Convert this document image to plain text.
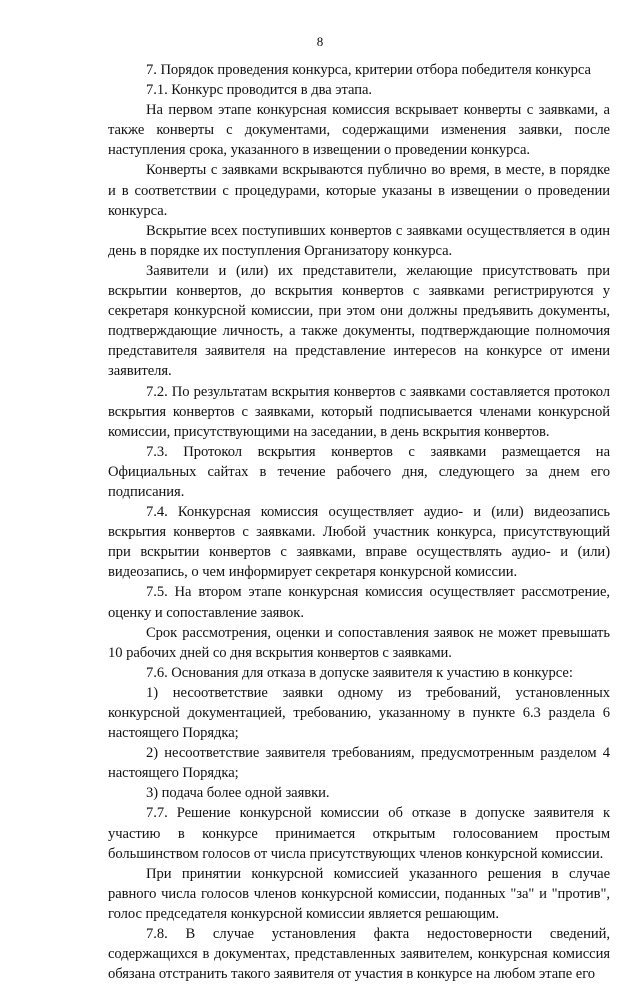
8

7. Порядок проведения конкурса, критерии отбора победителя конкурса

7.1. Конкурс проводится в два этапа.

На первом этапе конкурсная комиссия вскрывает конверты с заявками, а также конверты с документами, содержащими изменения заявки, после наступления срока, указанного в извещении о проведении конкурса.

Конверты с заявками вскрываются публично во время, в месте, в порядке и в соответствии с процедурами, которые указаны в извещении о проведении конкурса.

Вскрытие всех поступивших конвертов с заявками осуществляется в один день в порядке их поступления Организатору конкурса.

Заявители и (или) их представители, желающие присутствовать при вскрытии конвертов, до вскрытия конвертов с заявками регистрируются у секретаря конкурсной комиссии, при этом они должны предъявить документы, подтверждающие личность, а также документы, подтверждающие полномочия представителя заявителя на представление интересов на конкурсе от имени заявителя.

7.2. По результатам вскрытия конвертов с заявками составляется протокол вскрытия конвертов с заявками, который подписывается членами конкурсной комиссии, присутствующими на заседании, в день вскрытия конвертов.

7.3. Протокол вскрытия конвертов с заявками размещается на Официальных сайтах в течение рабочего дня, следующего за днем его подписания.

7.4. Конкурсная комиссия осуществляет аудио- и (или) видеозапись вскрытия конвертов с заявками. Любой участник конкурса, присутствующий при вскрытии конвертов с заявками, вправе осуществлять аудио- и (или) видеозапись, о чем информирует секретаря конкурсной комиссии.

7.5. На втором этапе конкурсная комиссия осуществляет рассмотрение, оценку и сопоставление заявок.

Срок рассмотрения, оценки и сопоставления заявок не может превышать 10 рабочих дней со дня вскрытия конвертов с заявками.

7.6. Основания для отказа в допуске заявителя к участию в конкурсе:

1) несоответствие заявки одному из требований, установленных конкурсной документацией, требованию, указанному в пункте 6.3 раздела 6 настоящего Порядка;

2) несоответствие заявителя требованиям, предусмотренным разделом 4 настоящего Порядка;

3) подача более одной заявки.

7.7. Решение конкурсной комиссии об отказе в допуске заявителя к участию в конкурсе принимается открытым голосованием простым большинством голосов от числа присутствующих членов конкурсной комиссии.

При принятии конкурсной комиссией указанного решения в случае равного числа голосов членов конкурсной комиссии, поданных "за" и "против", голос председателя конкурсной комиссии является решающим.

7.8. В случае установления факта недостоверности сведений, содержащихся в документах, представленных заявителем, конкурсная комиссия обязана отстранить такого заявителя от участия в конкурсе на любом этапе его
